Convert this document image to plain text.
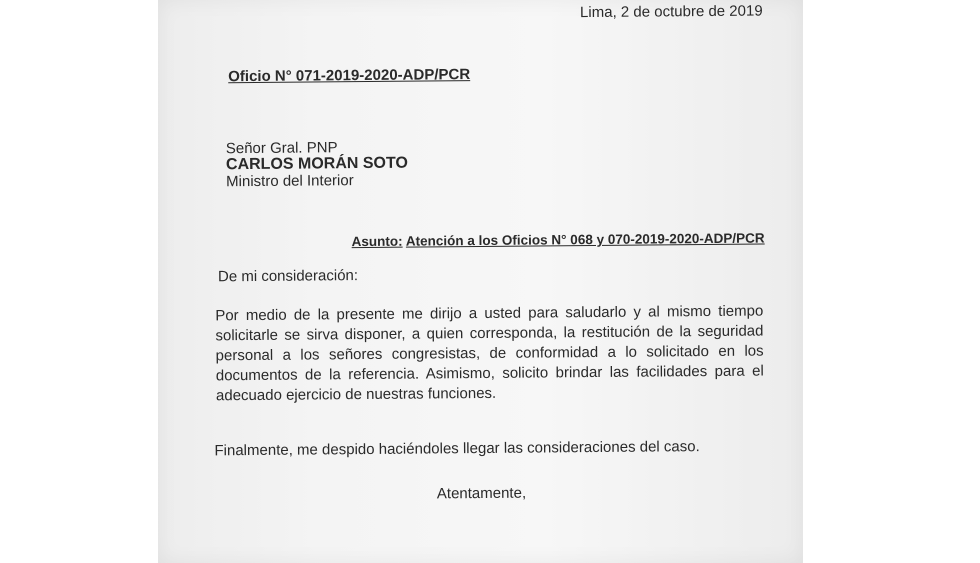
Lima, 2 de octubre de 2019
Oficio N° 071-2019-2020-ADP/PCR
Señor Gral. PNP
CARLOS MORÁN SOTO
Ministro del Interior
Asunto: Atención a los Oficios N° 068 y 070-2019-2020-ADP/PCR
De mi consideración:
Por medio de la presente me dirijo a usted para saludarlo y al mismo tiempo
solicitarle se sirva disponer, a quien corresponda, la restitución de la seguridad
personal a los señores congresistas, de conformidad a lo solicitado en los
documentos de la referencia. Asimismo, solicito brindar las facilidades para el
adecuado ejercicio de nuestras funciones.
Finalmente, me despido haciéndoles llegar las consideraciones del caso.
Atentamente,
